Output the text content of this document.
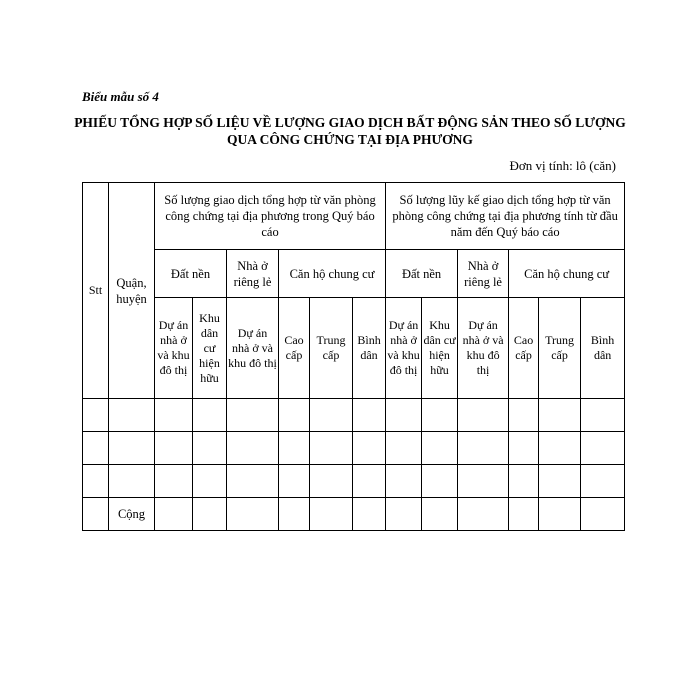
Biểu mẫu số 4
PHIẾU TỔNG HỢP SỐ LIỆU VỀ LƯỢNG GIAO DỊCH BẤT ĐỘNG SẢN THEO SỐ LƯỢNG
QUA CÔNG CHỨNG TẠI ĐỊA PHƯƠNG
Đơn vị tính: lô (căn)
Stt	Quận, huyện	Số lượng giao dịch tổng hợp từ văn phòng công chứng tại địa phương trong Quý báo cáo						Số lượng lũy kế giao dịch tổng hợp từ văn phòng công chứng tại địa phương tính từ đầu năm đến Quý báo cáo					
		Đất nền		Nhà ở riêng lẻ	Căn hộ chung cư			Đất nền		Nhà ở riêng lẻ	Căn hộ chung cư		
		Dự án nhà ở và khu đô thị	Khu dân cư hiện hữu	Dự án nhà ở và khu đô thị	Cao cấp	Trung cấp	Bình dân	Dự án nhà ở và khu đô thị	Khu dân cư hiện hữu	Dự án nhà ở và khu đô thị	Cao cấp	Trung cấp	Bình dân

	Cộng												
